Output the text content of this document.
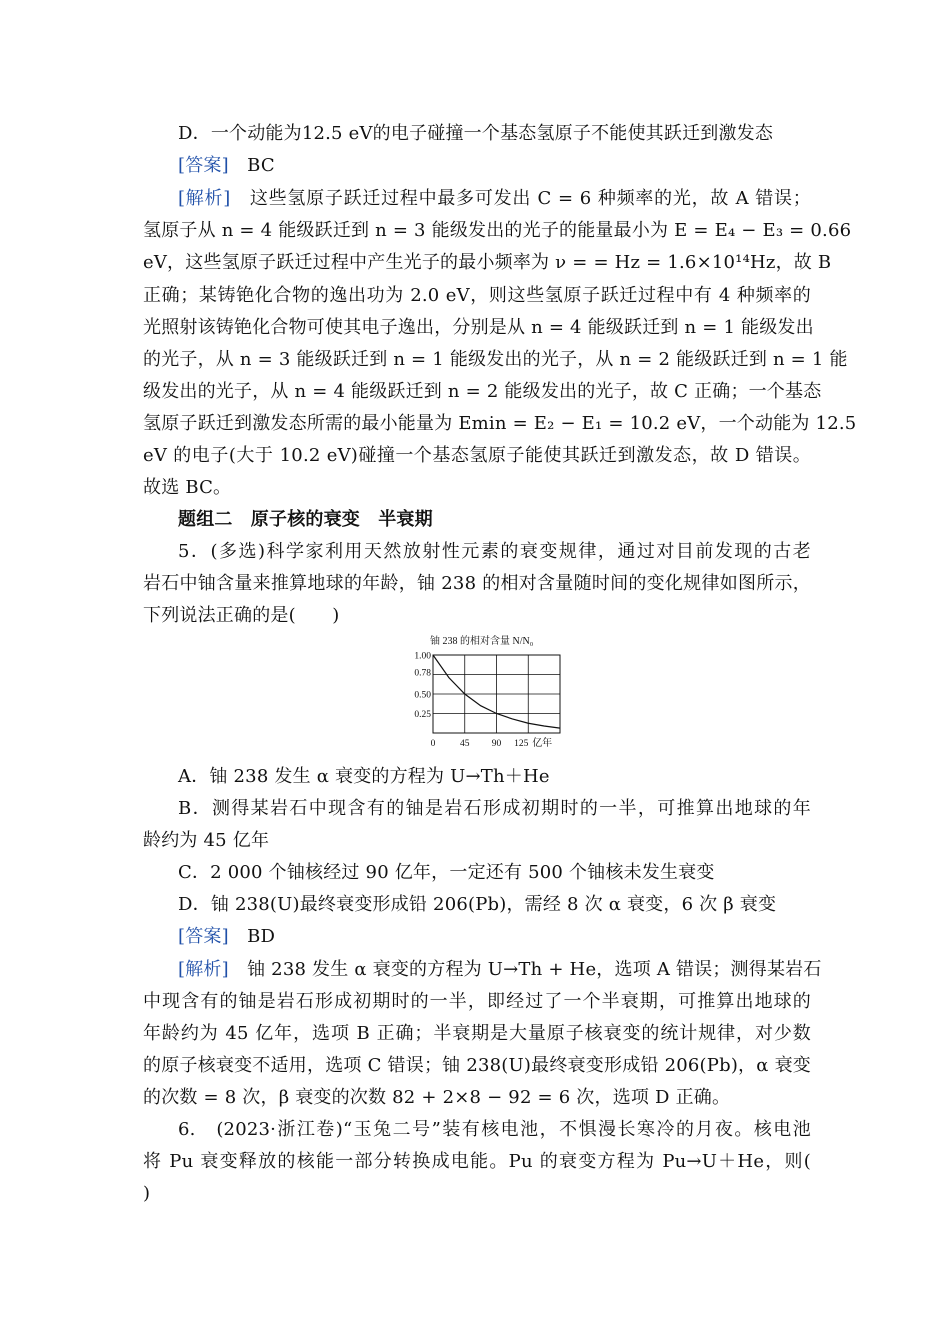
D．一个动能为12.5 eV的电子碰撞一个基态氢原子不能使其跃迁到激发态
[答案]　 BC
[解析]　 这些氢原子跃迁过程中最多可发出 C = 6 种频率的光，故 A 错误；
氢原子从 n = 4 能级跃迁到 n = 3 能级发出的光子的能量最小为 E = E₄ − E₃ = 0.66
eV，这些氢原子跃迁过程中产生光子的最小频率为 ν = = Hz = 1.6×10¹⁴Hz，故 B
正确；某铸铯化合物的逸出功为 2.0 eV，则这些氢原子跃迁过程中有 4 种频率的
光照射该铸铯化合物可使其电子逸出，分别是从 n = 4 能级跃迁到 n = 1 能级发出
的光子，从 n = 3 能级跃迁到 n = 1 能级发出的光子，从 n = 2 能级跃迁到 n = 1 能
级发出的光子，从 n = 4 能级跃迁到 n = 2 能级发出的光子，故 C 正确；一个基态
氢原子跃迁到激发态所需的最小能量为 Emin = E₂ − E₁ = 10.2 eV，一个动能为 12.5
eV 的电子(大于 10.2 eV)碰撞一个基态氢原子能使其跃迁到激发态，故 D 错误。
故选 BC。
题组二　原子核的衰变　半衰期
5．(多选)科学家利用天然放射性元素的衰变规律，通过对目前发现的古老
岩石中铀含量来推算地球的年龄，铀 238 的相对含量随时间的变化规律如图所示，
下列说法正确的是(　　)
铀 238 的相对含量 N/N₀
1.00
0.78
0.50
0.25
0	45 90 125 亿年
A．铀 238 发生 α 衰变的方程为 U→Th＋He
B．测得某岩石中现含有的铀是岩石形成初期时的一半，可推算出地球的年
龄约为 45 亿年
C．2 000 个铀核经过 90 亿年，一定还有 500 个铀核未发生衰变
D．铀 238(U)最终衰变形成铅 206(Pb)，需经 8 次 α 衰变，6 次 β 衰变
[答案]　 BD
[解析]　 铀 238 发生 α 衰变的方程为 U→Th + He，选项 A 错误；测得某岩石
中现含有的铀是岩石形成初期时的一半，即经过了一个半衰期，可推算出地球的
年龄约为 45 亿年，选项 B 正确；半衰期是大量原子核衰变的统计规律，对少数
的原子核衰变不适用，选项 C 错误；铀 238(U)最终衰变形成铅 206(Pb)，α 衰变
的次数 = 8 次，β 衰变的次数 82 + 2×8 − 92 = 6 次，选项 D 正确。
6.　(2023·浙江卷)“玉兔二号”装有核电池，不惧漫长寒冷的月夜。核电池
将 Pu 衰变释放的核能一部分转换成电能。Pu 的衰变方程为 Pu→U＋He，则(
)
